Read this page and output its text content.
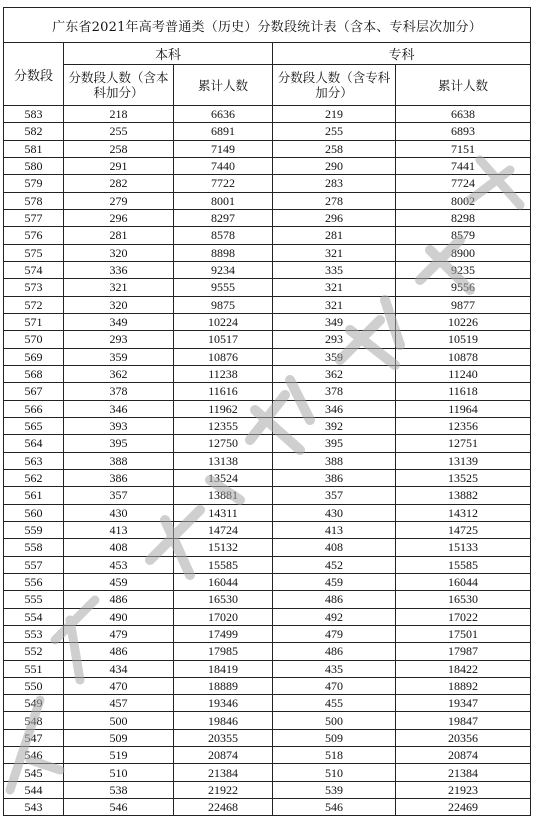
广东省2021年高考普通类（历史）分数段统计表（含本、专科层次加分）				
分数段	本科		专科	
	分数段人数（含本科加分）	累计人数	分数段人数（含专科加分）	累计人数
583	218	6636	219	6638
582	255	6891	255	6893
581	258	7149	258	7151
580	291	7440	290	7441
579	282	7722	283	7724
578	279	8001	278	8002
577	296	8297	296	8298
576	281	8578	281	8579
575	320	8898	321	8900
574	336	9234	335	9235
573	321	9555	321	9556
572	320	9875	321	9877
571	349	10224	349	10226
570	293	10517	293	10519
569	359	10876	359	10878
568	362	11238	362	11240
567	378	11616	378	11618
566	346	11962	346	11964
565	393	12355	392	12356
564	395	12750	395	12751
563	388	13138	388	13139
562	386	13524	386	13525
561	357	13881	357	13882
560	430	14311	430	14312
559	413	14724	413	14725
558	408	15132	408	15133
557	453	15585	452	15585
556	459	16044	459	16044
555	486	16530	486	16530
554	490	17020	492	17022
553	479	17499	479	17501
552	486	17985	486	17987
551	434	18419	435	18422
550	470	18889	470	18892
549	457	19346	455	19347
548	500	19846	500	19847
547	509	20355	509	20356
546	519	20874	518	20874
545	510	21384	510	21384
544	538	21922	539	21923
543	546	22468	546	22469
